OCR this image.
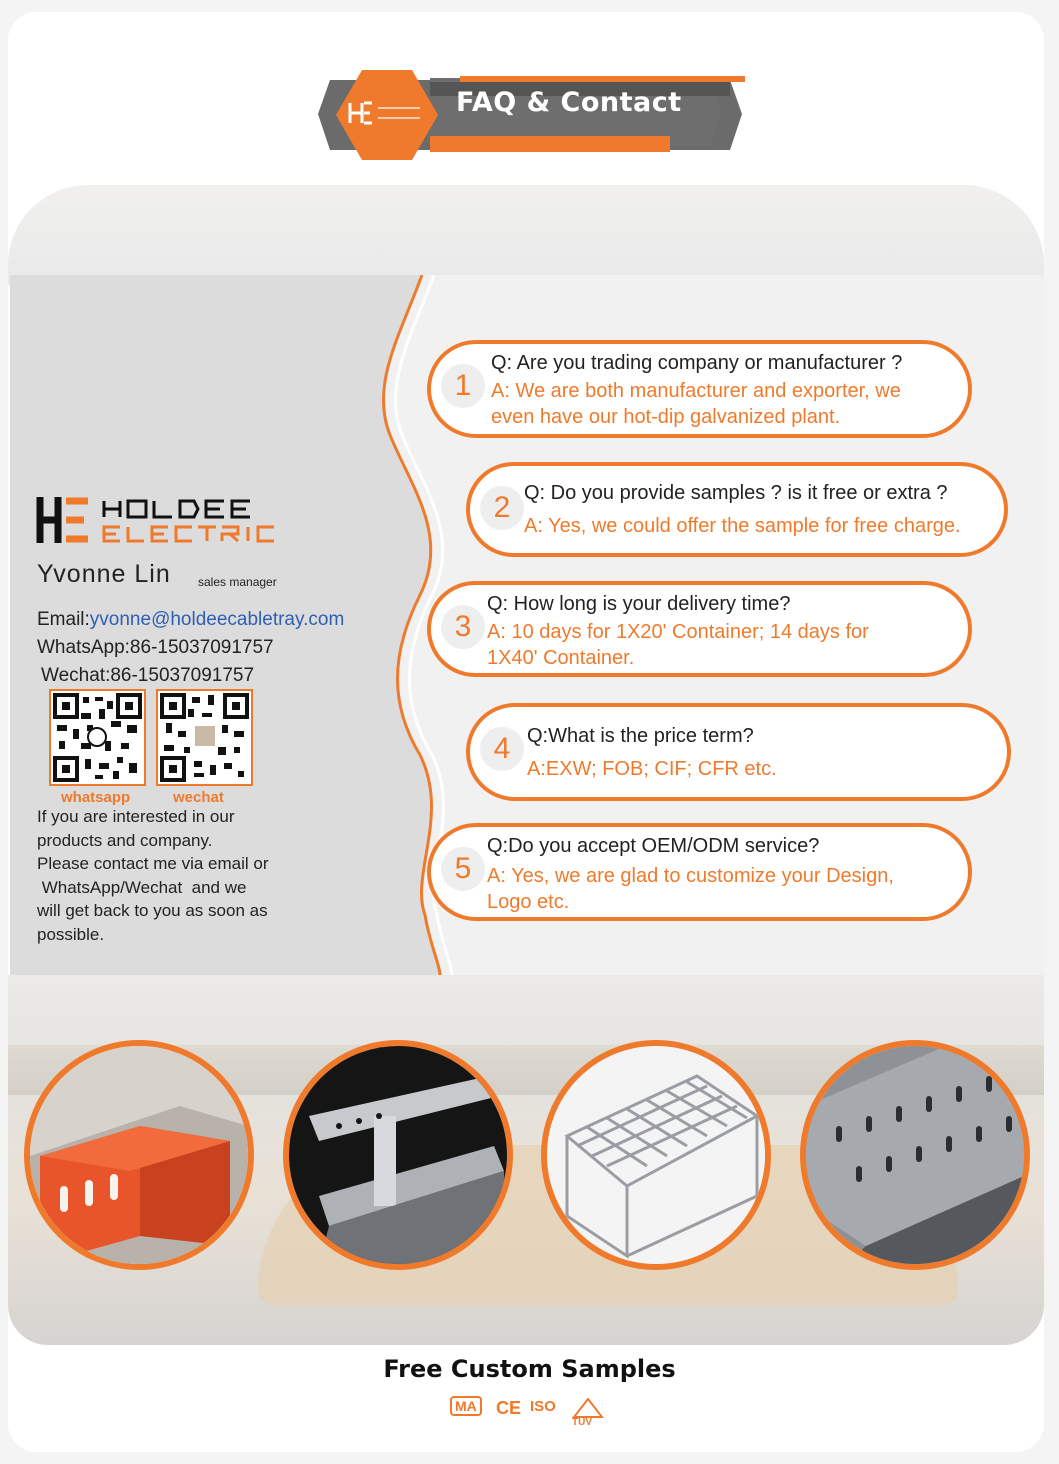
FAQ & Contact
Yvonne Lin sales manager
Email:yvonne@holdeecabletray.com
WhatsApp:86-15037091757
Wechat:86-15037091757
whatsapp	wechat
If you are interested in our
products and company.
Please contact me via email or
WhatsApp/Wechat  and we
will get back to you as soon as
possible.
1
Q: Are you trading company or manufacturer ?
A: We are both manufacturer and exporter, we
even have our hot-dip galvanized plant.
2 Q: Do you provide samples ? is it free or extra ?
A: Yes, we could offer the sample for free charge.
3
Q: How long is your delivery time?
A: 10 days for 1X20' Container; 14 days for
1X40' Container.
4 Q:What is the price term?
A:EXW; FOB; CIF; CFR etc.
5
Q:Do you accept OEM/ODM service?
A: Yes, we are glad to customize your Design,
Logo etc.
Free Custom Samples
MA CE ISO
TÜV
